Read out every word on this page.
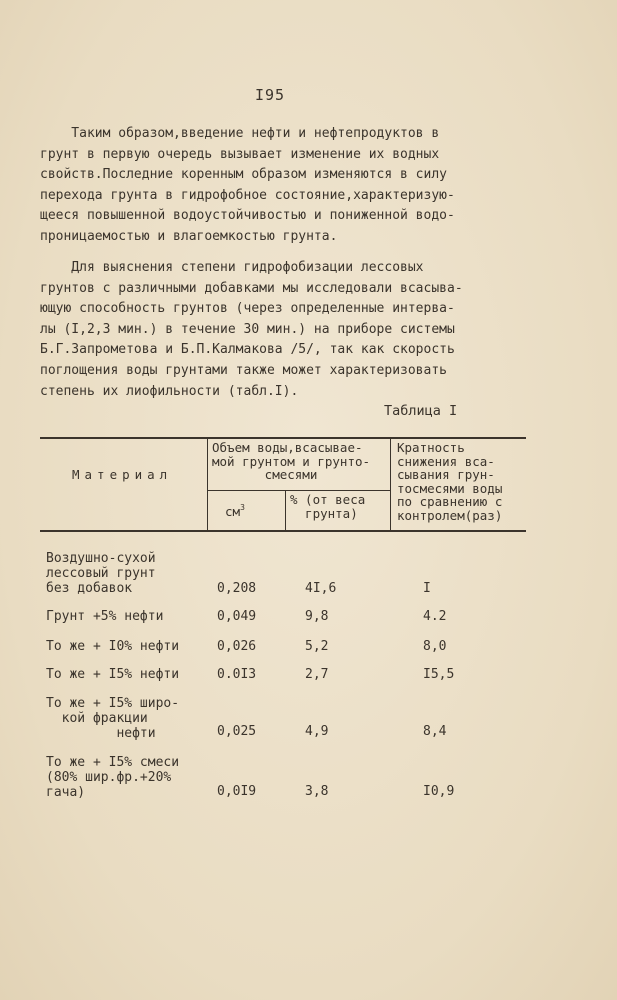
I95
Таким образом,введение нефти и нефтепродуктов в
грунт в первую очередь вызывает изменение их водных
свойств.Последние коренным образом изменяются в силу
перехода грунта в гидрофобное состояние,характеризую-
щееся повышенной водоустойчивостью и пониженной водо-
проницаемостью и влагоемкостью грунта.
Для выяснения степени гидрофобизации лессовых
грунтов с различными добавками мы исследовали всасыва-
ющую способность грунтов (через определенные интерва-
лы (I,2,3 мин.) в течение 30 мин.) на приборе системы
Б.Г.Запрометова и Б.П.Калмакова /5/, так как скорость
поглощения воды грунтами также может характеризовать
степень их лиофильности (табл.I).
Таблица I
Материал
Объем воды,всасывае-
мой грунтом и грунто-
смесями
$см^3$
% (от веса
грунта)
Кратность
снижения вса-
сывания грун-
тосмесями воды
по сравнению с
контролем(раз)
Воздушно-сухой
лессовый грунт
без добавок	0,208	4I,6	I
Грунт +5% нефти	0,049	9,8	4.2
То же + I0% нефти	0,026	5,2	8,0
То же + I5% нефти	0.0I3	2,7	I5,5
То же + I5% широ-
кой фракции
нефти	0,025	4,9	8,4
То же + I5% смеси
(80% шир.фр.+20%
гача)	0,0I9	3,8	I0,9
